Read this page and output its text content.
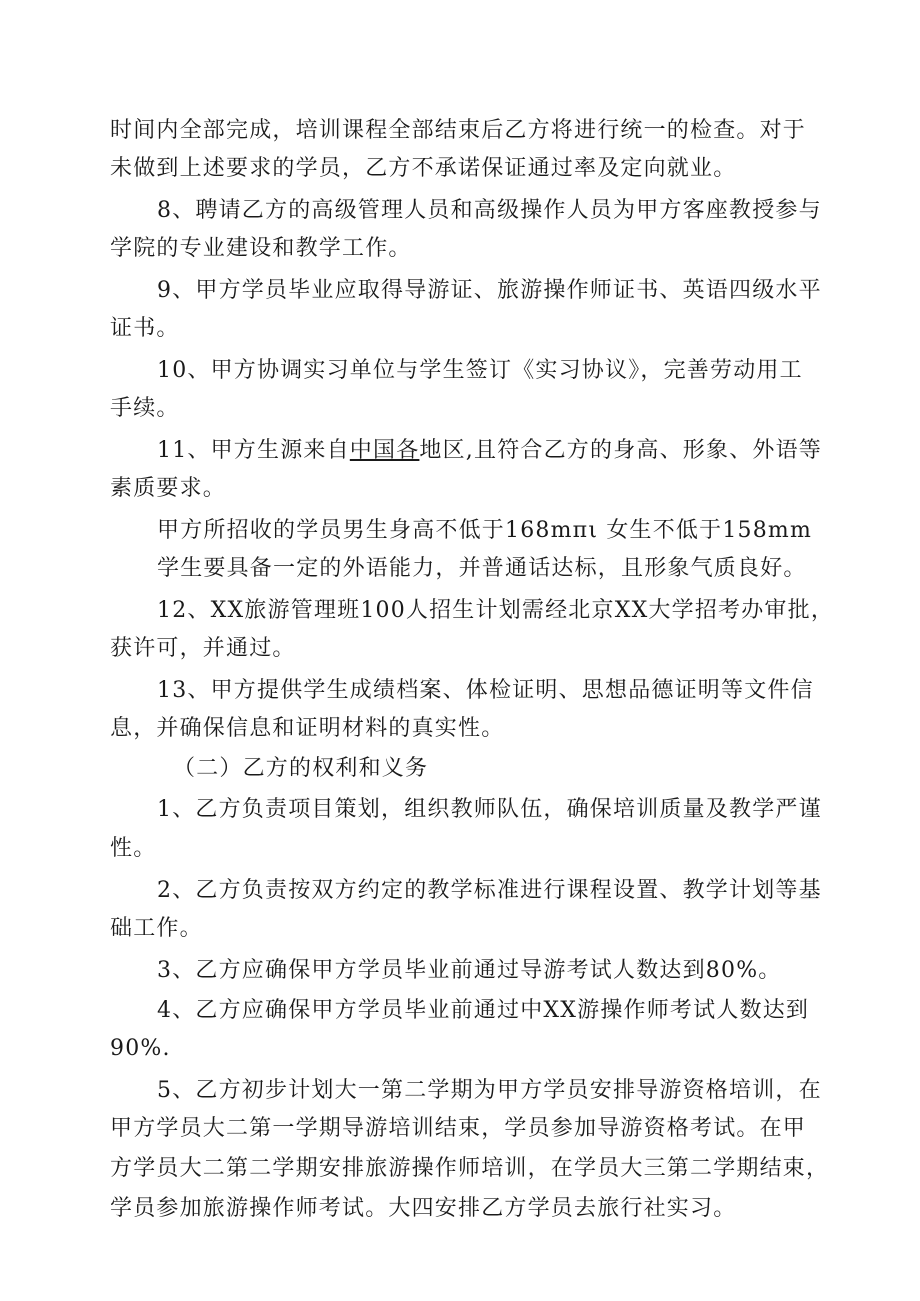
时间内全部完成，培训课程全部结束后乙方将进行统一的检查。对于
未做到上述要求的学员，乙方不承诺保证通过率及定向就业。
8、聘请乙方的高级管理人员和高级操作人员为甲方客座教授参与
学院的专业建设和教学工作。
9、甲方学员毕业应取得导游证、旅游操作师证书、英语四级水平
证书。
10、甲方协调实习单位与学生签订《实习协议》，完善劳动用工
手续。
11、甲方生源来自中国各地区,且符合乙方的身高、形象、外语等
素质要求。
甲方所招收的学员男生身高不低于168mπι 女生不低于158mm
学生要具备一定的外语能力，并普通话达标，且形象气质良好。
12、XX旅游管理班100人招生计划需经北京XX大学招考办审批，
获许可，并通过。
13、甲方提供学生成绩档案、体检证明、思想品德证明等文件信
息，并确保信息和证明材料的真实性。
（二）乙方的权利和义务
1、乙方负责项目策划，组织教师队伍，确保培训质量及教学严谨
性。
2、乙方负责按双方约定的教学标准进行课程设置、教学计划等基
础工作。
3、乙方应确保甲方学员毕业前通过导游考试人数达到80%。
4、乙方应确保甲方学员毕业前通过中XX游操作师考试人数达到
90%.
5、乙方初步计划大一第二学期为甲方学员安排导游资格培训，在
甲方学员大二第一学期导游培训结束，学员参加导游资格考试。在甲
方学员大二第二学期安排旅游操作师培训，在学员大三第二学期结束，
学员参加旅游操作师考试。大四安排乙方学员去旅行社实习。
